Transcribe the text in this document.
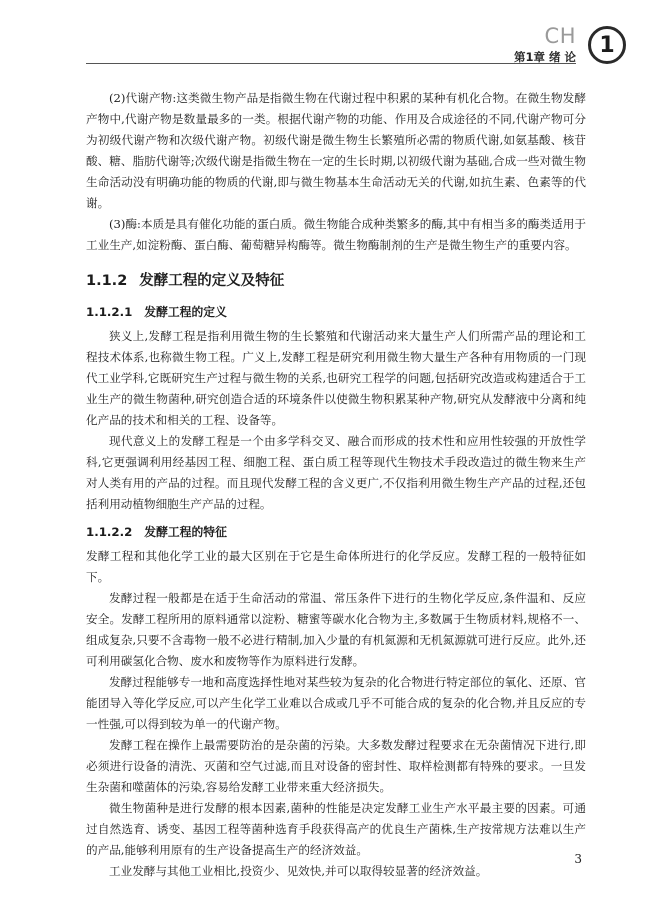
CH
第1章 绪 论	1

(2)代谢产物:这类微生物产品是指微生物在代谢过程中积累的某种有机化合物。在微生物发酵产物中,代谢产物是数量最多的一类。根据代谢产物的功能、作用及合成途径的不同,代谢产物可分为初级代谢产物和次级代谢产物。初级代谢是微生物生长繁殖所必需的物质代谢,如氨基酸、核苷酸、糖、脂肪代谢等;次级代谢是指微生物在一定的生长时期,以初级代谢为基础,合成一些对微生物生命活动没有明确功能的物质的代谢,即与微生物基本生命活动无关的代谢,如抗生素、色素等的代谢。

(3)酶:本质是具有催化功能的蛋白质。微生物能合成种类繁多的酶,其中有相当多的酶类适用于工业生产,如淀粉酶、蛋白酶、葡萄糖异构酶等。微生物酶制剂的生产是微生物生产的重要内容。

1.1.2 发酵工程的定义及特征
1.1.2.1 发酵工程的定义

狭义上,发酵工程是指利用微生物的生长繁殖和代谢活动来大量生产人们所需产品的理论和工程技术体系,也称微生物工程。广义上,发酵工程是研究利用微生物大量生产各种有用物质的一门现代工业学科,它既研究生产过程与微生物的关系,也研究工程学的问题,包括研究改造或构建适合于工业生产的微生物菌种,研究创造合适的环境条件以使微生物积累某种产物,研究从发酵液中分离和纯化产品的技术和相关的工程、设备等。

现代意义上的发酵工程是一个由多学科交叉、融合而形成的技术性和应用性较强的开放性学科,它更强调利用经基因工程、细胞工程、蛋白质工程等现代生物技术手段改造过的微生物来生产对人类有用的产品的过程。而且现代发酵工程的含义更广,不仅指利用微生物生产产品的过程,还包括利用动植物细胞生产产品的过程。

1.1.2.2 发酵工程的特征

发酵工程和其他化学工业的最大区别在于它是生命体所进行的化学反应。发酵工程的一般特征如下。

发酵过程一般都是在适于生命活动的常温、常压条件下进行的生物化学反应,条件温和、反应安全。发酵工程所用的原料通常以淀粉、糖蜜等碳水化合物为主,多数属于生物质材料,规格不一、组成复杂,只要不含毒物一般不必进行精制,加入少量的有机氮源和无机氮源就可进行反应。此外,还可利用碳氢化合物、废水和废物等作为原料进行发酵。

发酵过程能够专一地和高度选择性地对某些较为复杂的化合物进行特定部位的氧化、还原、官能团导入等化学反应,可以产生化学工业难以合成或几乎不可能合成的复杂的化合物,并且反应的专一性强,可以得到较为单一的代谢产物。

发酵工程在操作上最需要防治的是杂菌的污染。大多数发酵过程要求在无杂菌情况下进行,即必须进行设备的清洗、灭菌和空气过滤,而且对设备的密封性、取样检测都有特殊的要求。一旦发生杂菌和噬菌体的污染,容易给发酵工业带来重大经济损失。

微生物菌种是进行发酵的根本因素,菌种的性能是决定发酵工业生产水平最主要的因素。可通过自然选育、诱变、基因工程等菌种选育手段获得高产的优良生产菌株,生产按常规方法难以生产的产品,能够利用原有的生产设备提高生产的经济效益。

工业发酵与其他工业相比,投资少、见效快,并可以取得较显著的经济效益。

3
